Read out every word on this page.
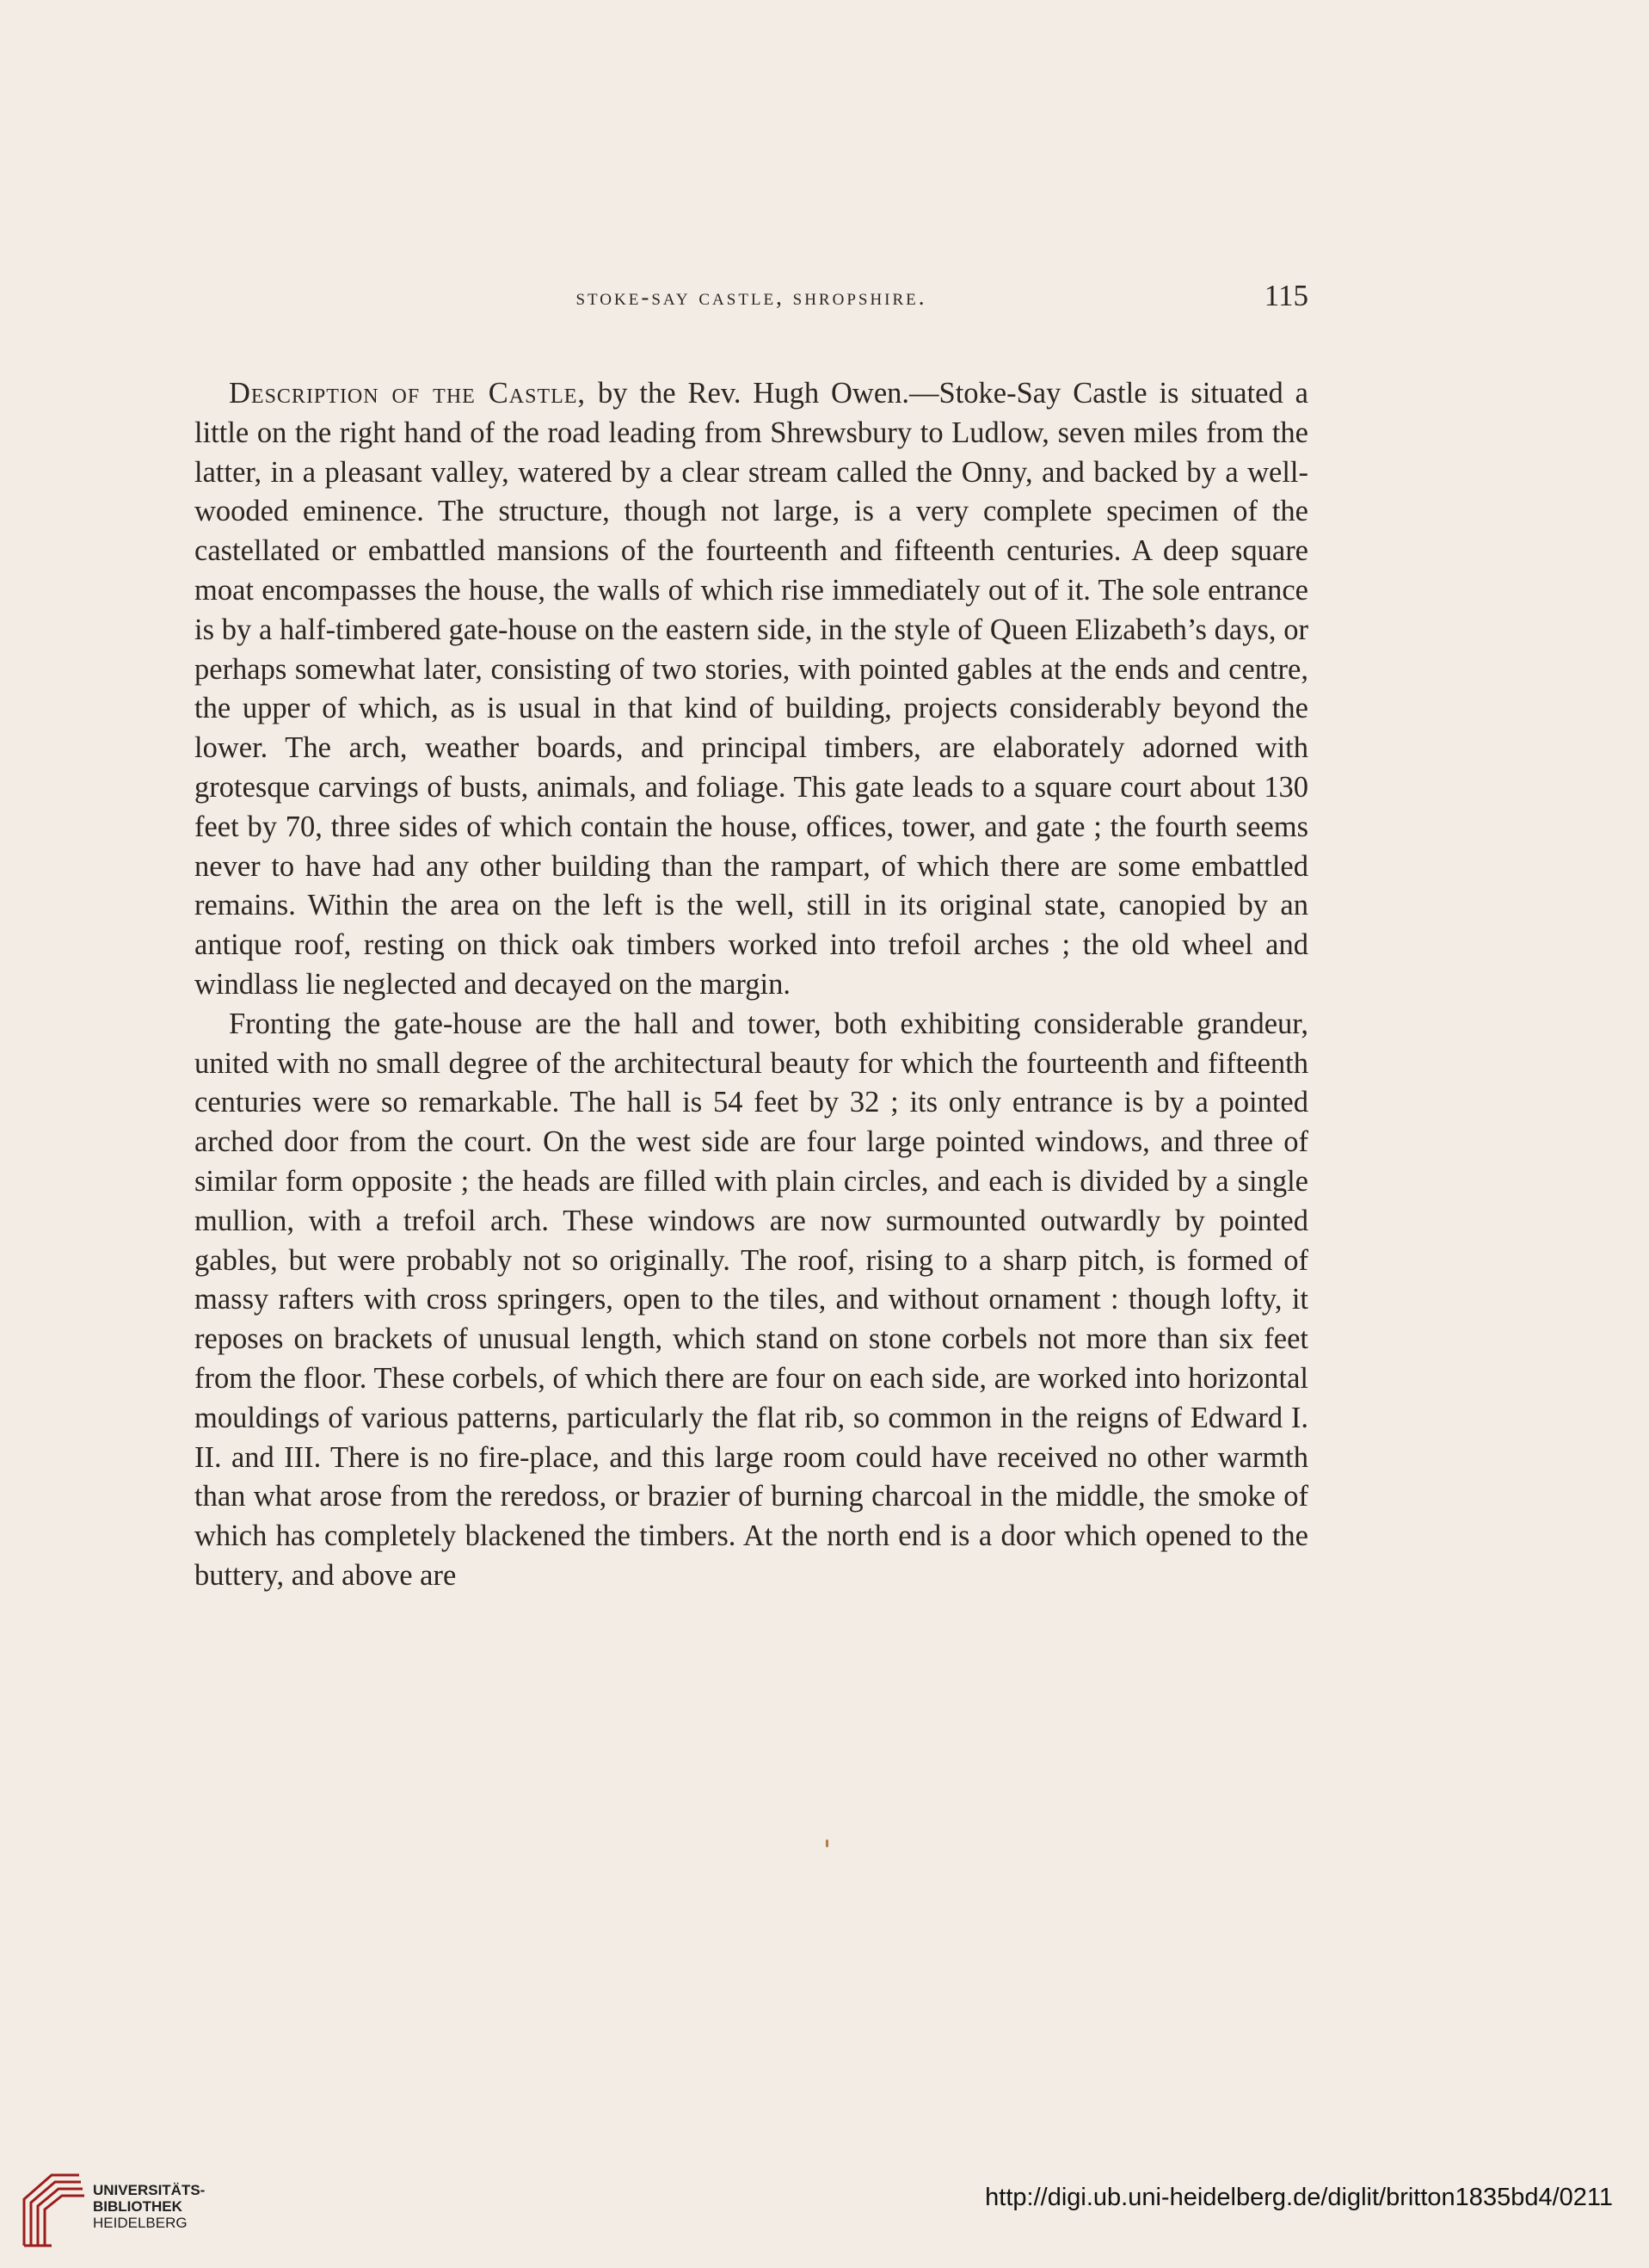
stoke-say castle, shropshire.	115

Description of the Castle, by the Rev. Hugh Owen.—Stoke-Say Castle is situated a little on the right hand of the road leading from Shrewsbury to Ludlow, seven miles from the latter, in a pleasant valley, watered by a clear stream called the Onny, and backed by a well-wooded eminence. The structure, though not large, is a very complete specimen of the castellated or embattled mansions of the fourteenth and fifteenth centuries. A deep square moat encompasses the house, the walls of which rise immediately out of it. The sole entrance is by a half-timbered gate-house on the eastern side, in the style of Queen Elizabeth’s days, or perhaps somewhat later, consisting of two stories, with pointed gables at the ends and centre, the upper of which, as is usual in that kind of building, projects considerably beyond the lower. The arch, weather boards, and principal timbers, are elaborately adorned with grotesque carvings of busts, animals, and foliage. This gate leads to a square court about 130 feet by 70, three sides of which contain the house, offices, tower, and gate ; the fourth seems never to have had any other building than the rampart, of which there are some embattled remains. Within the area on the left is the well, still in its original state, canopied by an antique roof, resting on thick oak timbers worked into trefoil arches ; the old wheel and windlass lie neglected and decayed on the margin.

Fronting the gate-house are the hall and tower, both exhibiting considerable grandeur, united with no small degree of the architectural beauty for which the fourteenth and fifteenth centuries were so remarkable. The hall is 54 feet by 32 ; its only entrance is by a pointed arched door from the court. On the west side are four large pointed windows, and three of similar form opposite ; the heads are filled with plain circles, and each is divided by a single mullion, with a trefoil arch. These windows are now surmounted outwardly by pointed gables, but were probably not so originally. The roof, rising to a sharp pitch, is formed of massy rafters with cross springers, open to the tiles, and without ornament : though lofty, it reposes on brackets of unusual length, which stand on stone corbels not more than six feet from the floor. These corbels, of which there are four on each side, are worked into horizontal mouldings of various patterns, particularly the flat rib, so common in the reigns of Edward I. II. and III. There is no fire-place, and this large room could have received no other warmth than what arose from the reredoss, or brazier of burning charcoal in the middle, the smoke of which has completely blackened the timbers. At the north end is a door which opened to the buttery, and above are

UNIVERSITÄTS-
BIBLIOTHEK
HEIDELBERG
http://digi.ub.uni-heidelberg.de/diglit/britton1835bd4/0211
